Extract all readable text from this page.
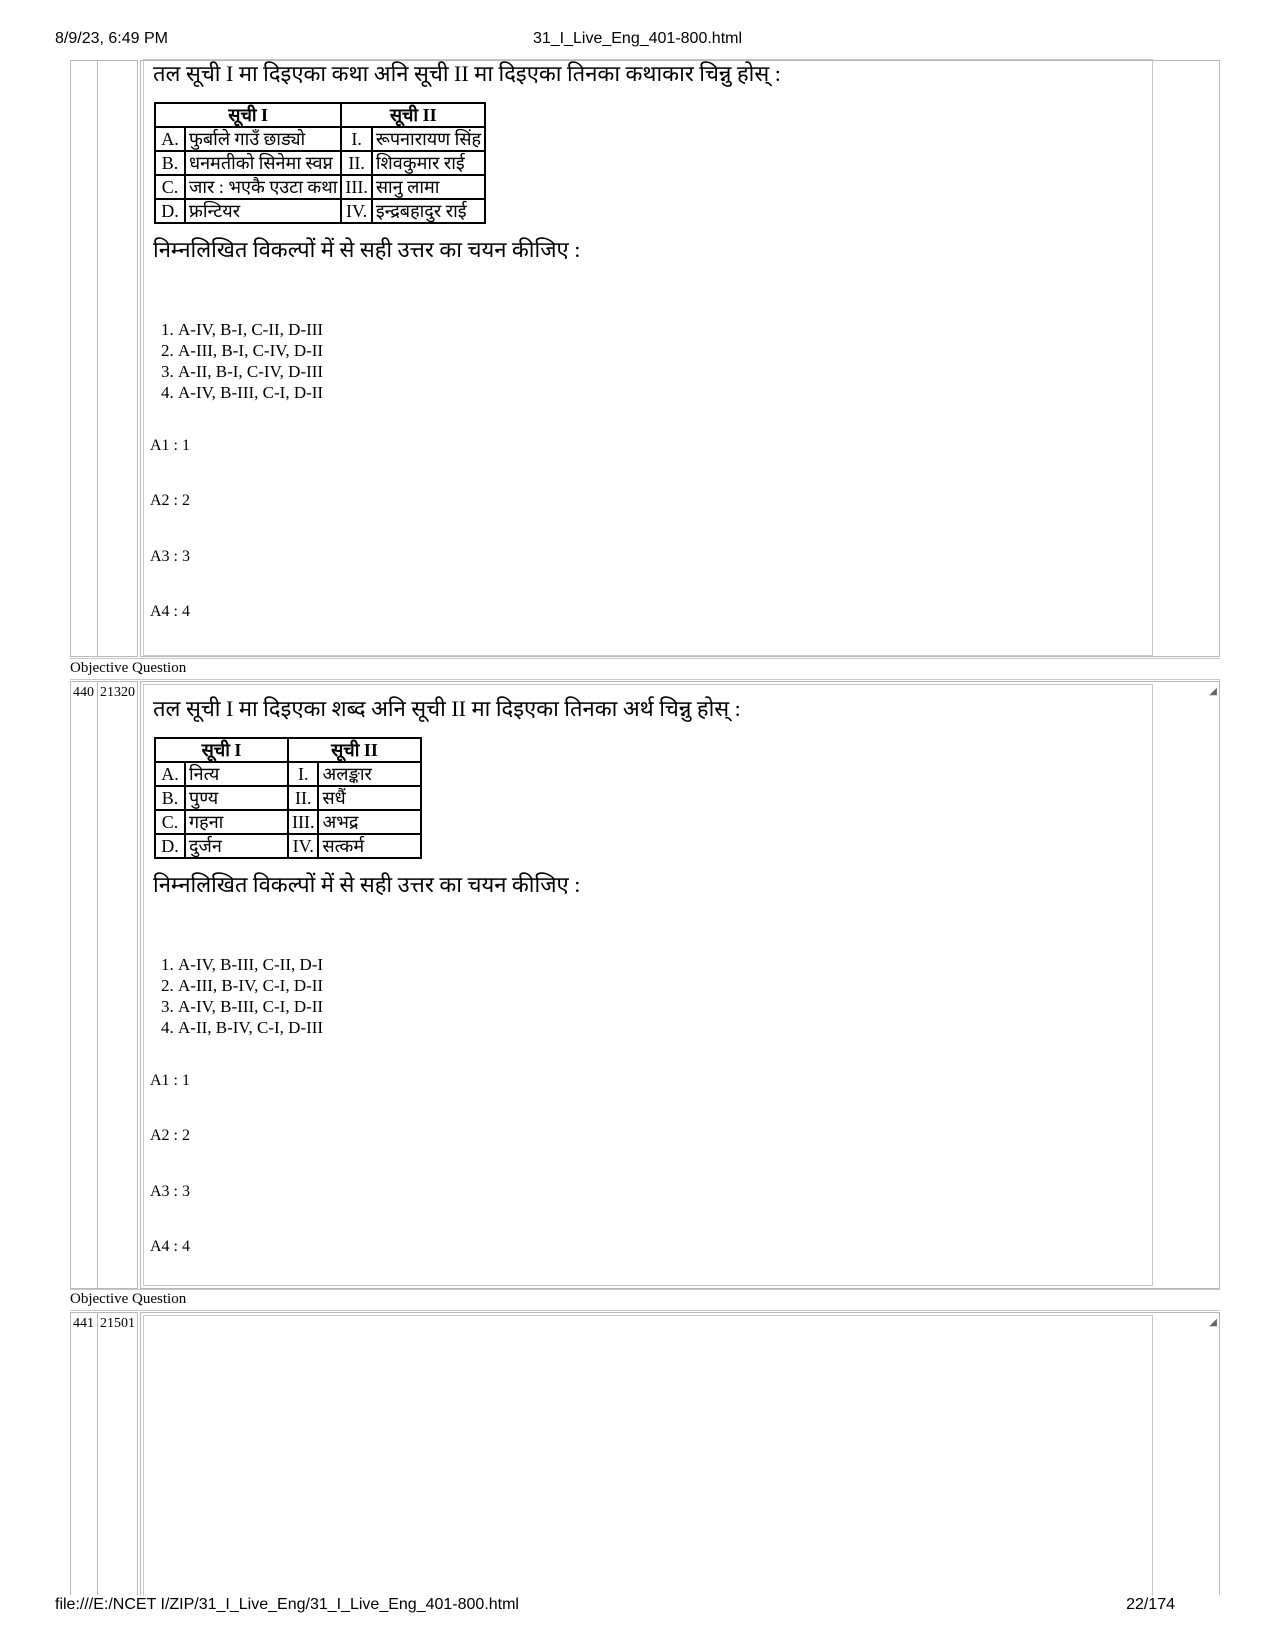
8/9/23, 6:49 PM	31_I_Live_Eng_401-800.html
तल सूची I मा दिइएका कथा अनि सूची II मा दिइएका तिनका कथाकार चिन्नु होस् :
सूची I		सूची II	
A.	फुर्बाले गाउँ छाड्यो	I.	रूपनारायण सिंह
B.	धनमतीको सिनेमा स्वप्न	II.	शिवकुमार राई
C.	जार : भएकै एउटा कथा	III.	सानु लामा
D.	फ्रन्टियर	IV.	इन्द्रबहादुर राई
निम्नलिखित विकल्पों में से सही उत्तर का चयन कीजिए :
1. A-IV, B-I, C-II, D-III
2. A-III, B-I, C-IV, D-II
3. A-II, B-I, C-IV, D-III
4. A-IV, B-III, C-I, D-II
A1 : 1
A2 : 2
A3 : 3
A4 : 4
Objective Question
440 21320	◢
तल सूची I मा दिइएका शब्द अनि सूची II मा दिइएका तिनका अर्थ चिन्नु होस् :
सूची I		सूची II	
A.	नित्य	I.	अलङ्कार
B.	पुण्य	II.	सधैं
C.	गहना	III.	अभद्र
D.	दुर्जन	IV.	सत्कर्म
निम्नलिखित विकल्पों में से सही उत्तर का चयन कीजिए :
1. A-IV, B-III, C-II, D-I
2. A-III, B-IV, C-I, D-II
3. A-IV, B-III, C-I, D-II
4. A-II, B-IV, C-I, D-III
A1 : 1
A2 : 2
A3 : 3
A4 : 4
Objective Question
441 21501	◢
file:///E:/NCET I/ZIP/31_I_Live_Eng/31_I_Live_Eng_401-800.html	22/174
